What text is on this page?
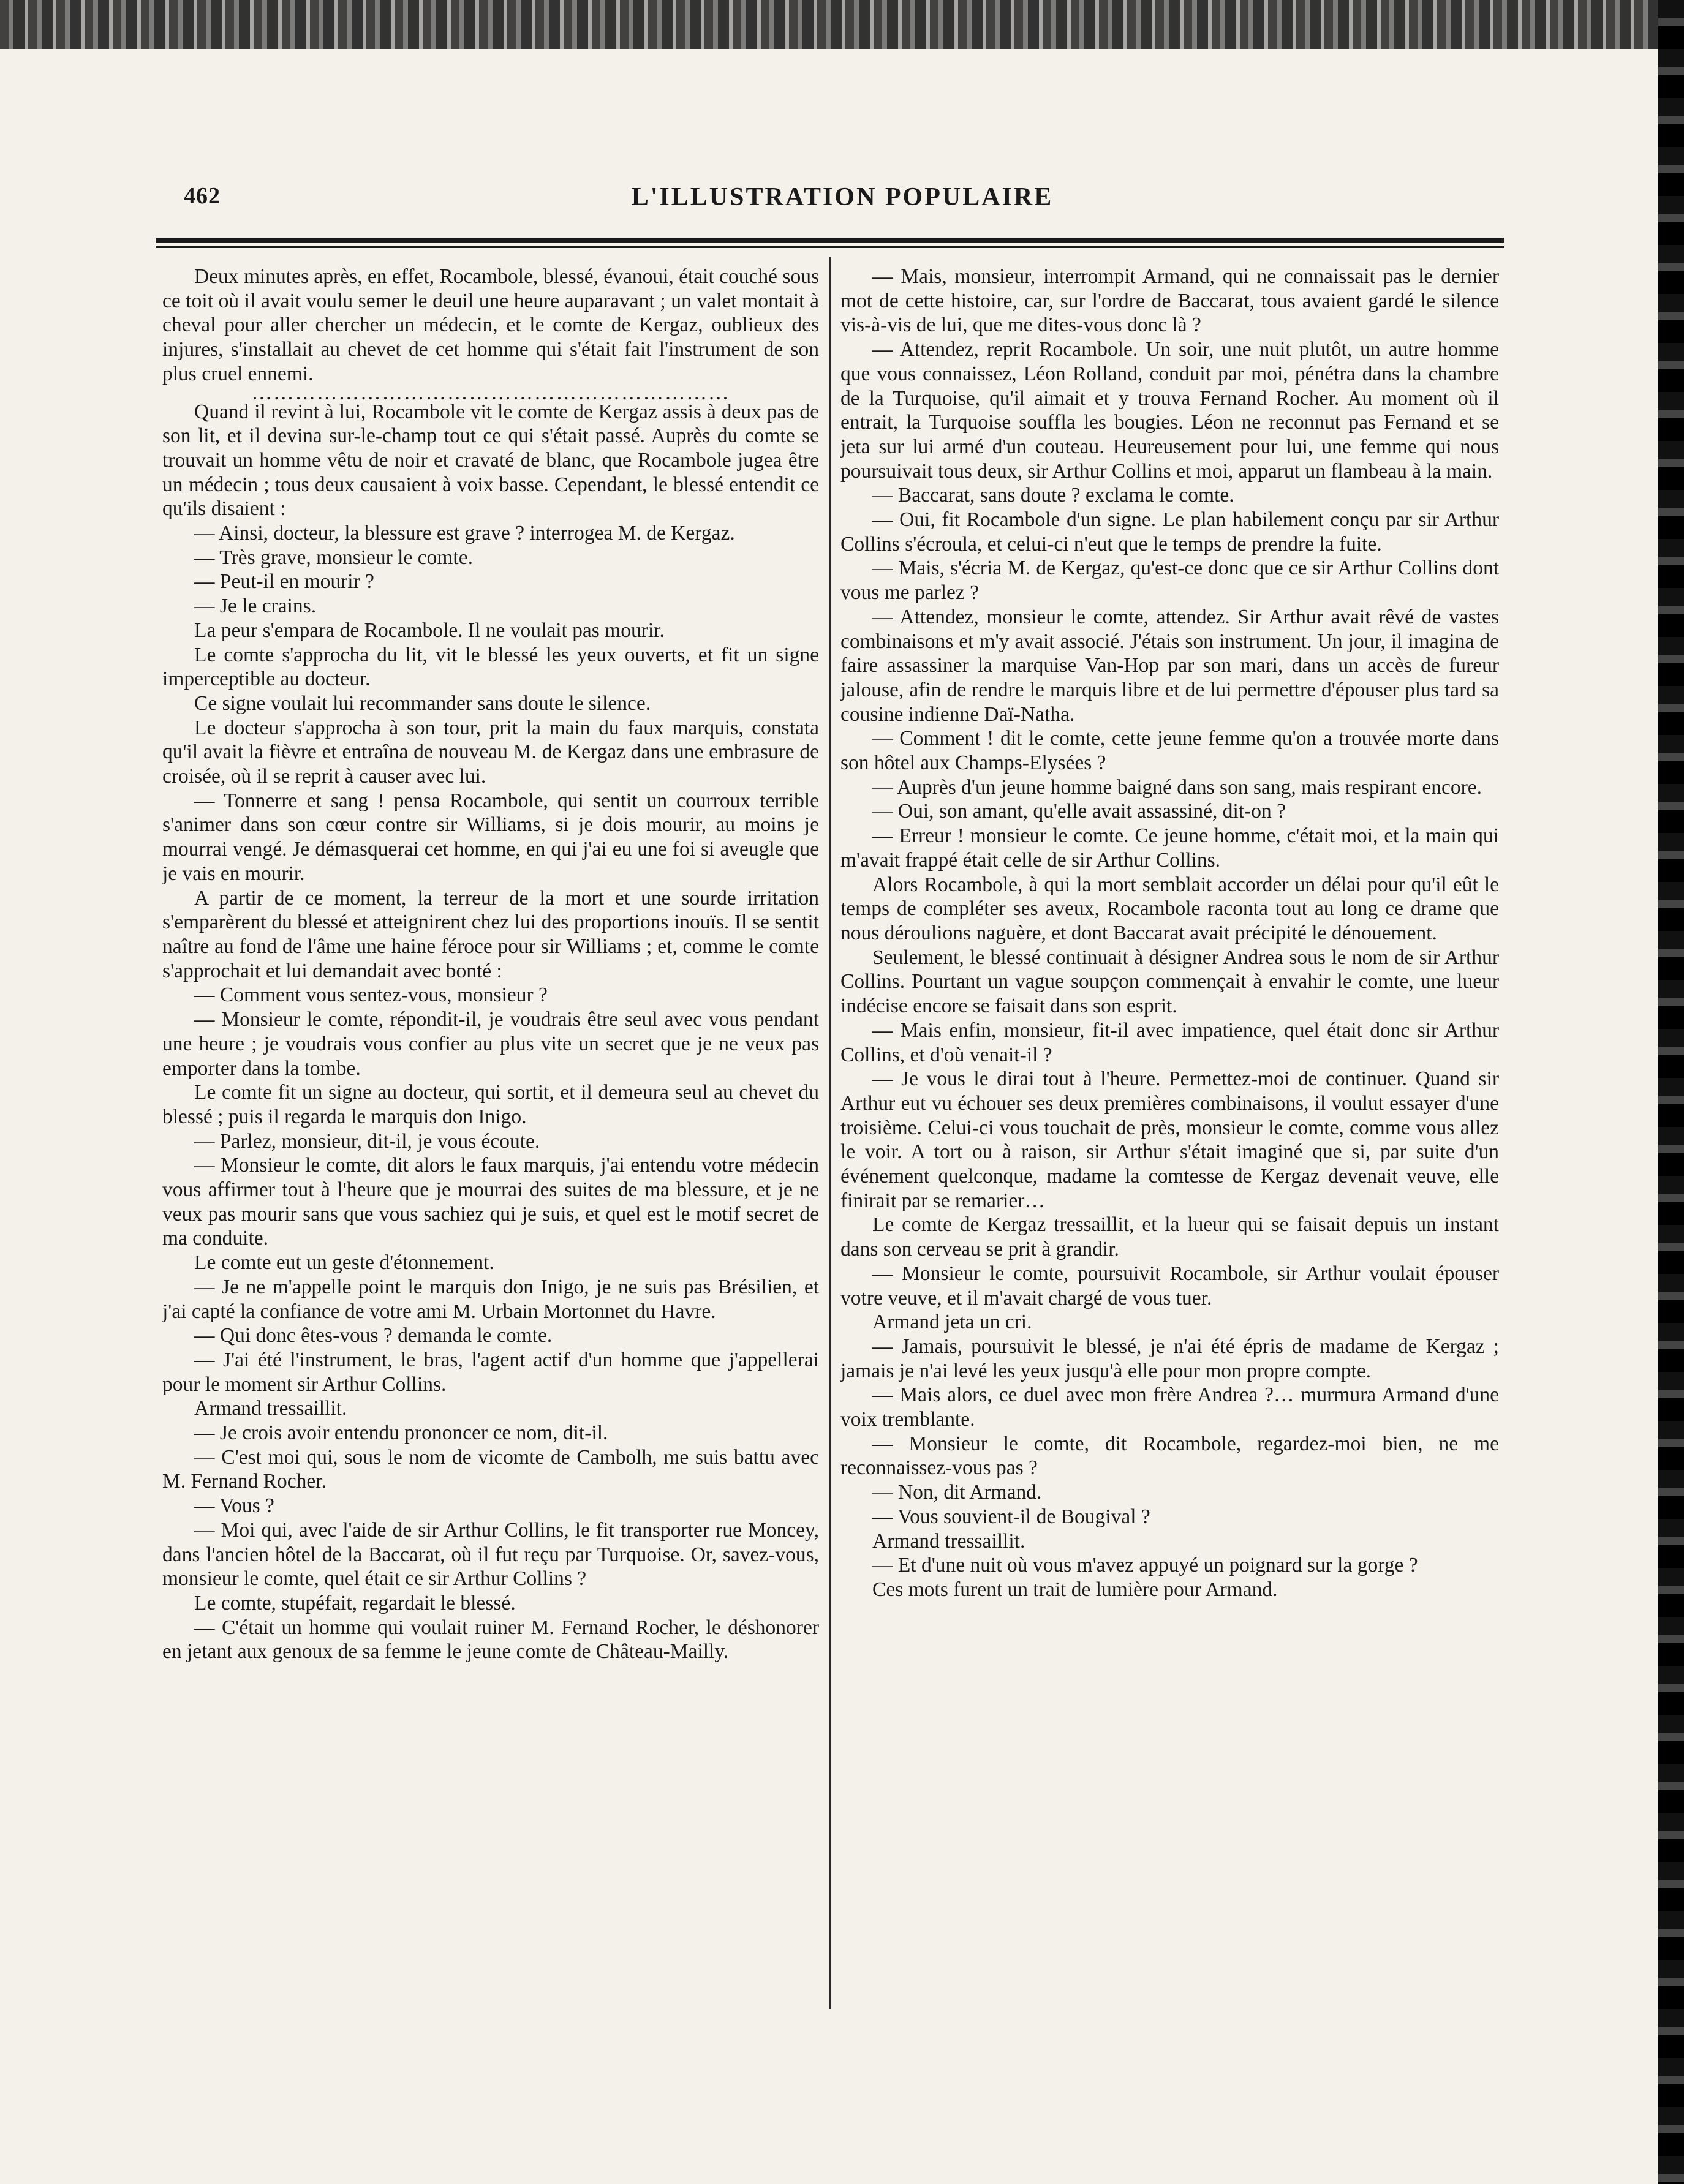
462	L'ILLUSTRATION POPULAIRE

Deux minutes après, en effet, Rocambole, blessé, évanoui, était couché sous ce toit où il avait voulu semer le deuil une heure auparavant ; un valet montait à cheval pour aller chercher un médecin, et le comte de Kergaz, oublieux des injures, s'installait au chevet de cet homme qui s'était fait l'instrument de son plus cruel ennemi.

…………………………………………………………

Quand il revint à lui, Rocambole vit le comte de Kergaz assis à deux pas de son lit, et il devina sur-le-champ tout ce qui s'était passé. Auprès du comte se trouvait un homme vêtu de noir et cravaté de blanc, que Rocambole jugea être un médecin ; tous deux causaient à voix basse. Cependant, le blessé entendit ce qu'ils disaient :

— Ainsi, docteur, la blessure est grave ? interrogea M. de Kergaz.

— Très grave, monsieur le comte.

— Peut-il en mourir ?

— Je le crains.

La peur s'empara de Rocambole. Il ne voulait pas mourir.

Le comte s'approcha du lit, vit le blessé les yeux ouverts, et fit un signe imperceptible au docteur.

Ce signe voulait lui recommander sans doute le silence.

Le docteur s'approcha à son tour, prit la main du faux marquis, constata qu'il avait la fièvre et entraîna de nouveau M. de Kergaz dans une embrasure de croisée, où il se reprit à causer avec lui.

— Tonnerre et sang ! pensa Rocambole, qui sentit un courroux terrible s'animer dans son cœur contre sir Williams, si je dois mourir, au moins je mourrai vengé. Je démasquerai cet homme, en qui j'ai eu une foi si aveugle que je vais en mourir.

A partir de ce moment, la terreur de la mort et une sourde irritation s'emparèrent du blessé et atteignirent chez lui des proportions inouïs. Il se sentit naître au fond de l'âme une haine féroce pour sir Williams ; et, comme le comte s'approchait et lui demandait avec bonté :

— Comment vous sentez-vous, monsieur ?

— Monsieur le comte, répondit-il, je voudrais être seul avec vous pendant une heure ; je voudrais vous confier au plus vite un secret que je ne veux pas emporter dans la tombe.

Le comte fit un signe au docteur, qui sortit, et il demeura seul au chevet du blessé ; puis il regarda le marquis don Inigo.

— Parlez, monsieur, dit-il, je vous écoute.

— Monsieur le comte, dit alors le faux marquis, j'ai entendu votre médecin vous affirmer tout à l'heure que je mourrai des suites de ma blessure, et je ne veux pas mourir sans que vous sachiez qui je suis, et quel est le motif secret de ma conduite.

Le comte eut un geste d'étonnement.

— Je ne m'appelle point le marquis don Inigo, je ne suis pas Brésilien, et j'ai capté la confiance de votre ami M. Urbain Mortonnet du Havre.

— Qui donc êtes-vous ? demanda le comte.

— J'ai été l'instrument, le bras, l'agent actif d'un homme que j'appellerai pour le moment sir Arthur Collins.

Armand tressaillit.

— Je crois avoir entendu prononcer ce nom, dit-il.

— C'est moi qui, sous le nom de vicomte de Cambolh, me suis battu avec M. Fernand Rocher.

— Vous ?

— Moi qui, avec l'aide de sir Arthur Collins, le fit transporter rue Moncey, dans l'ancien hôtel de la Baccarat, où il fut reçu par Turquoise. Or, savez-vous, monsieur le comte, quel était ce sir Arthur Collins ?

Le comte, stupéfait, regardait le blessé.

— C'était un homme qui voulait ruiner M. Fernand Rocher, le déshonorer en jetant aux genoux de sa femme le jeune comte de Château-Mailly.

— Mais, monsieur, interrompit Armand, qui ne connaissait pas le dernier mot de cette histoire, car, sur l'ordre de Baccarat, tous avaient gardé le silence vis-à-vis de lui, que me dites-vous donc là ?

— Attendez, reprit Rocambole. Un soir, une nuit plutôt, un autre homme que vous connaissez, Léon Rolland, conduit par moi, pénétra dans la chambre de la Turquoise, qu'il aimait et y trouva Fernand Rocher. Au moment où il entrait, la Turquoise souffla les bougies. Léon ne reconnut pas Fernand et se jeta sur lui armé d'un couteau. Heureusement pour lui, une femme qui nous poursuivait tous deux, sir Arthur Collins et moi, apparut un flambeau à la main.

— Baccarat, sans doute ? exclama le comte.

— Oui, fit Rocambole d'un signe. Le plan habilement conçu par sir Arthur Collins s'écroula, et celui-ci n'eut que le temps de prendre la fuite.

— Mais, s'écria M. de Kergaz, qu'est-ce donc que ce sir Arthur Collins dont vous me parlez ?

— Attendez, monsieur le comte, attendez. Sir Arthur avait rêvé de vastes combinaisons et m'y avait associé. J'étais son instrument. Un jour, il imagina de faire assassiner la marquise Van-Hop par son mari, dans un accès de fureur jalouse, afin de rendre le marquis libre et de lui permettre d'épouser plus tard sa cousine indienne Daï-Natha.

— Comment ! dit le comte, cette jeune femme qu'on a trouvée morte dans son hôtel aux Champs-Elysées ?

— Auprès d'un jeune homme baigné dans son sang, mais respirant encore.

— Oui, son amant, qu'elle avait assassiné, dit-on ?

— Erreur ! monsieur le comte. Ce jeune homme, c'était moi, et la main qui m'avait frappé était celle de sir Arthur Collins.

Alors Rocambole, à qui la mort semblait accorder un délai pour qu'il eût le temps de compléter ses aveux, Rocambole raconta tout au long ce drame que nous déroulions naguère, et dont Baccarat avait précipité le dénouement.

Seulement, le blessé continuait à désigner Andrea sous le nom de sir Arthur Collins. Pourtant un vague soupçon commençait à envahir le comte, une lueur indécise encore se faisait dans son esprit.

— Mais enfin, monsieur, fit-il avec impatience, quel était donc sir Arthur Collins, et d'où venait-il ?

— Je vous le dirai tout à l'heure. Permettez-moi de continuer. Quand sir Arthur eut vu échouer ses deux premières combinaisons, il voulut essayer d'une troisième. Celui-ci vous touchait de près, monsieur le comte, comme vous allez le voir. A tort ou à raison, sir Arthur s'était imaginé que si, par suite d'un événement quelconque, madame la comtesse de Kergaz devenait veuve, elle finirait par se remarier…

Le comte de Kergaz tressaillit, et la lueur qui se faisait depuis un instant dans son cerveau se prit à grandir.

— Monsieur le comte, poursuivit Rocambole, sir Arthur voulait épouser votre veuve, et il m'avait chargé de vous tuer.

Armand jeta un cri.

— Jamais, poursuivit le blessé, je n'ai été épris de madame de Kergaz ; jamais je n'ai levé les yeux jusqu'à elle pour mon propre compte.

— Mais alors, ce duel avec mon frère Andrea ?… murmura Armand d'une voix tremblante.

— Monsieur le comte, dit Rocambole, regardez-moi bien, ne me reconnaissez-vous pas ?

— Non, dit Armand.

— Vous souvient-il de Bougival ?

Armand tressaillit.

— Et d'une nuit où vous m'avez appuyé un poignard sur la gorge ?

Ces mots furent un trait de lumière pour Armand.
